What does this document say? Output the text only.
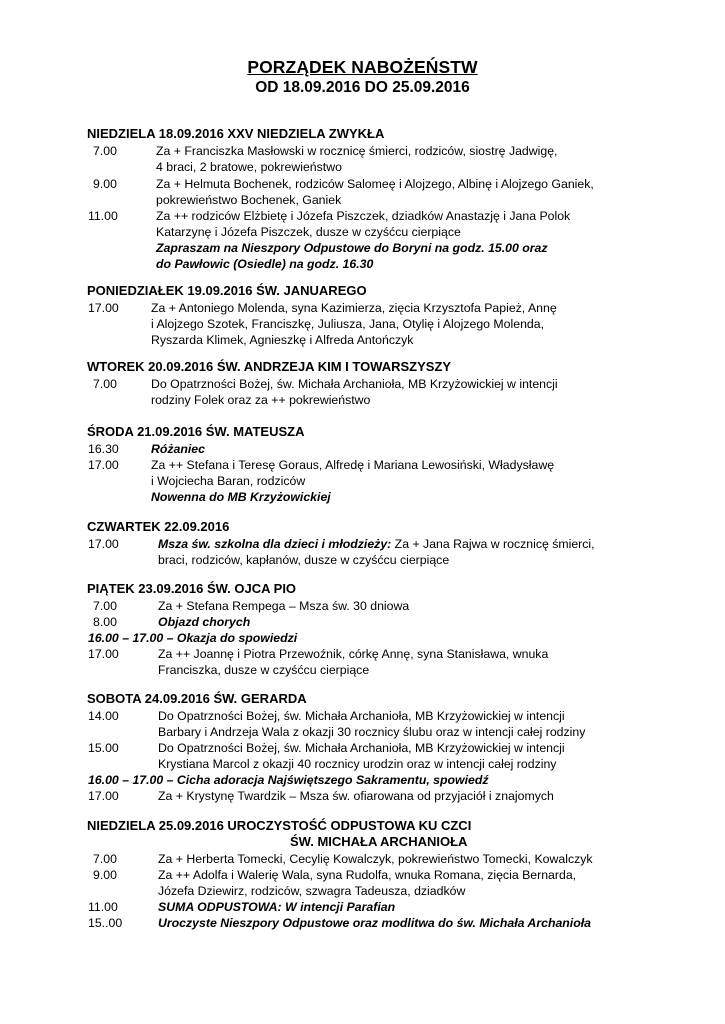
PORZĄDEK NABOŻEŃSTW
OD 18.09.2016 DO 25.09.2016
NIEDZIELA 18.09.2016 XXV NIEDZIELA ZWYKŁA
7.00	Za + Franciszka Masłowski w rocznicę śmierci, rodziców, siostrę Jadwigę,
4 braci, 2 bratowe, pokrewieństwo
9.00	Za + Helmuta Bochenek, rodziców Salomeę i Alojzego, Albinę i Alojzego Ganiek,
pokrewieństwo Bochenek, Ganiek
11.00	Za ++ rodziców Elżbietę i Józefa Piszczek, dziadków Anastazję i Jana Polok
Katarzynę i Józefa Piszczek, dusze w czyśćcu cierpiące
Zapraszam na Nieszpory Odpustowe do Boryni na godz. 15.00 oraz
do Pawłowic (Osiedle) na godz. 16.30
PONIEDZIAŁEK 19.09.2016 ŚW. JANUAREGO
17.00	Za + Antoniego Molenda, syna Kazimierza, zięcia Krzysztofa Papież, Annę
i Alojzego Szotek, Franciszkę, Juliusza, Jana, Otylię i Alojzego Molenda,
Ryszarda Klimek, Agnieszkę i Alfreda Antończyk
WTOREK 20.09.2016 ŚW. ANDRZEJA KIM I TOWARSZYSZY
7.00	Do Opatrzności Bożej, św. Michała Archanioła, MB Krzyżowickiej w intencji
rodziny Folek oraz za ++ pokrewieństwo
ŚRODA 21.09.2016 ŚW. MATEUSZA
16.30	Różaniec
17.00	Za ++ Stefana i Teresę Goraus, Alfredę i Mariana Lewosiński, Władysławę
i Wojciecha Baran, rodziców
Nowenna do MB Krzyżowickiej
CZWARTEK 22.09.2016
17.00	Msza św. szkolna dla dzieci i młodzieży: Za + Jana Rajwa w rocznicę śmierci,
braci, rodziców, kapłanów, dusze w czyśćcu cierpiące
PIĄTEK 23.09.2016 ŚW. OJCA PIO
7.00	Za + Stefana Rempega – Msza św. 30 dniowa
8.00	Objazd chorych
16.00 – 17.00 – Okazja do spowiedzi
17.00	Za ++ Joannę i Piotra Przewoźnik, córkę Annę, syna Stanisława, wnuka
Franciszka, dusze w czyśćcu cierpiące
SOBOTA 24.09.2016 ŚW. GERARDA
14.00	Do Opatrzności Bożej, św. Michała Archanioła, MB Krzyżowickiej w intencji
Barbary i Andrzeja Wala z okazji 30 rocznicy ślubu oraz w intencji całej rodziny
15.00	Do Opatrzności Bożej, św. Michała Archanioła, MB Krzyżowickiej w intencji
Krystiana Marcol z okazji 40 rocznicy urodzin oraz w intencji całej rodziny
16.00 – 17.00 – Cicha adoracja Najświętszego Sakramentu, spowiedź
17.00	Za + Krystynę Twardzik – Msza św. ofiarowana od przyjaciół i znajomych
NIEDZIELA 25.09.2016 UROCZYSTOŚĆ ODPUSTOWA KU CZCI
ŚW. MICHAŁA ARCHANIOŁA
7.00	Za + Herberta Tomecki, Cecylię Kowalczyk, pokrewieństwo Tomecki, Kowalczyk
9.00	Za ++ Adolfa i Walerię Wala, syna Rudolfa, wnuka Romana, zięcia Bernarda,
Józefa Dziewirz, rodziców, szwagra Tadeusza, dziadków
11.00	SUMA ODPUSTOWA: W intencji Parafian
15..00	Uroczyste Nieszpory Odpustowe oraz modlitwa do św. Michała Archanioła
